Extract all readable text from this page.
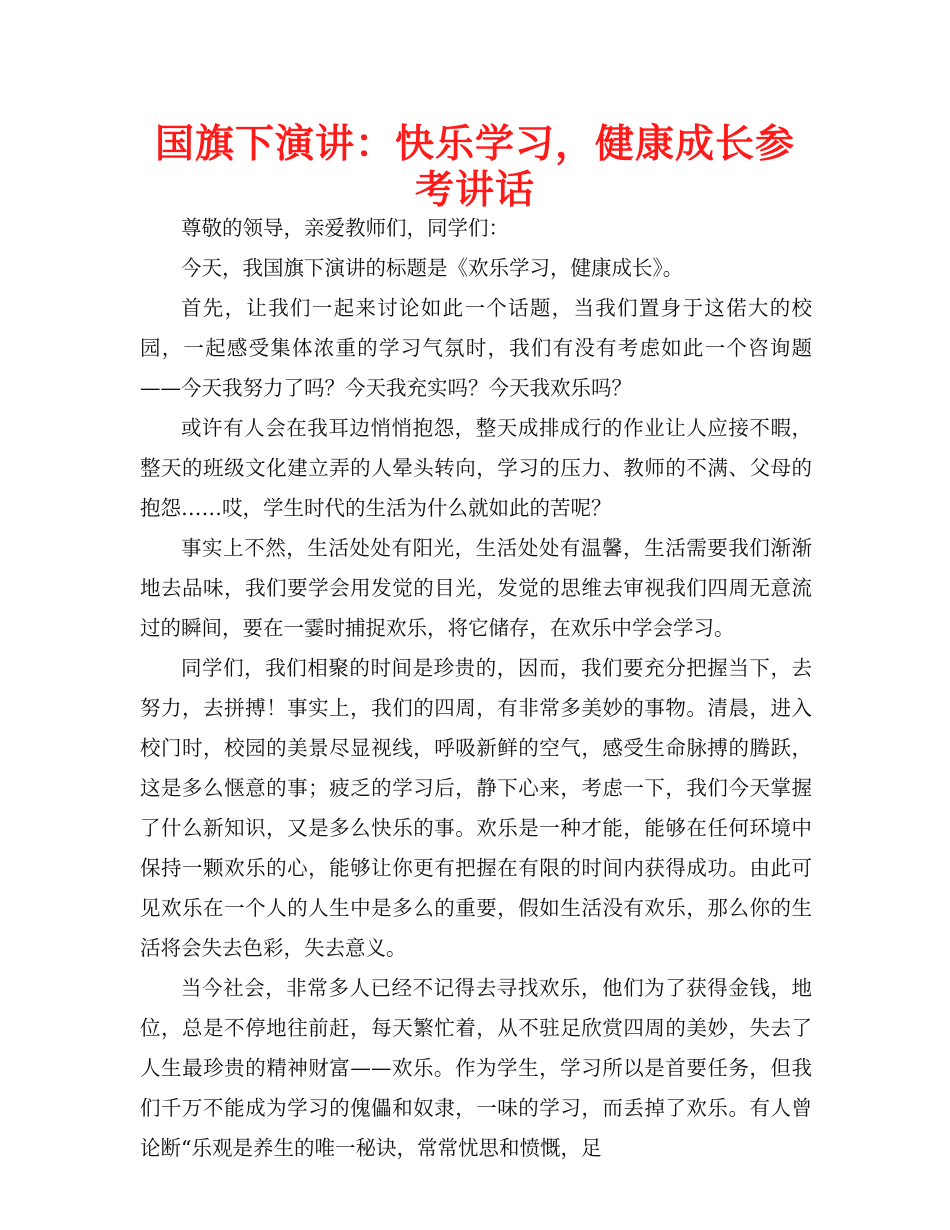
国旗下演讲：快乐学习，健康成长参考讲话

尊敬的领导，亲爱教师们，同学们：

今天，我国旗下演讲的标题是《欢乐学习，健康成长》。

首先，让我们一起来讨论如此一个话题，当我们置身于这偌大的校园，一起感受集体浓重的学习气氛时，我们有没有考虑如此一个咨询题——今天我努力了吗？今天我充实吗？今天我欢乐吗？

或许有人会在我耳边悄悄抱怨，整天成排成行的作业让人应接不暇，整天的班级文化建立弄的人晕头转向，学习的压力、教师的不满、父母的抱怨……哎，学生时代的生活为什么就如此的苦呢？

事实上不然，生活处处有阳光，生活处处有温馨，生活需要我们渐渐地去品味，我们要学会用发觉的目光，发觉的思维去审视我们四周无意流过的瞬间，要在一霎时捕捉欢乐，将它储存，在欢乐中学会学习。

同学们，我们相聚的时间是珍贵的，因而，我们要充分把握当下，去努力，去拼搏！事实上，我们的四周，有非常多美妙的事物。清晨，进入校门时，校园的美景尽显视线，呼吸新鲜的空气，感受生命脉搏的腾跃，这是多么惬意的事；疲乏的学习后，静下心来，考虑一下，我们今天掌握了什么新知识，又是多么快乐的事。欢乐是一种才能，能够在任何环境中保持一颗欢乐的心，能够让你更有把握在有限的时间内获得成功。由此可见欢乐在一个人的人生中是多么的重要，假如生活没有欢乐，那么你的生活将会失去色彩，失去意义。

当今社会，非常多人已经不记得去寻找欢乐，他们为了获得金钱，地位，总是不停地往前赶，每天繁忙着，从不驻足欣赏四周的美妙，失去了人生最珍贵的精神财富——欢乐。作为学生，学习所以是首要任务，但我们千万不能成为学习的傀儡和奴隶，一味的学习，而丢掉了欢乐。有人曾论断“乐观是养生的唯一秘诀，常常忧思和愤慨，足
